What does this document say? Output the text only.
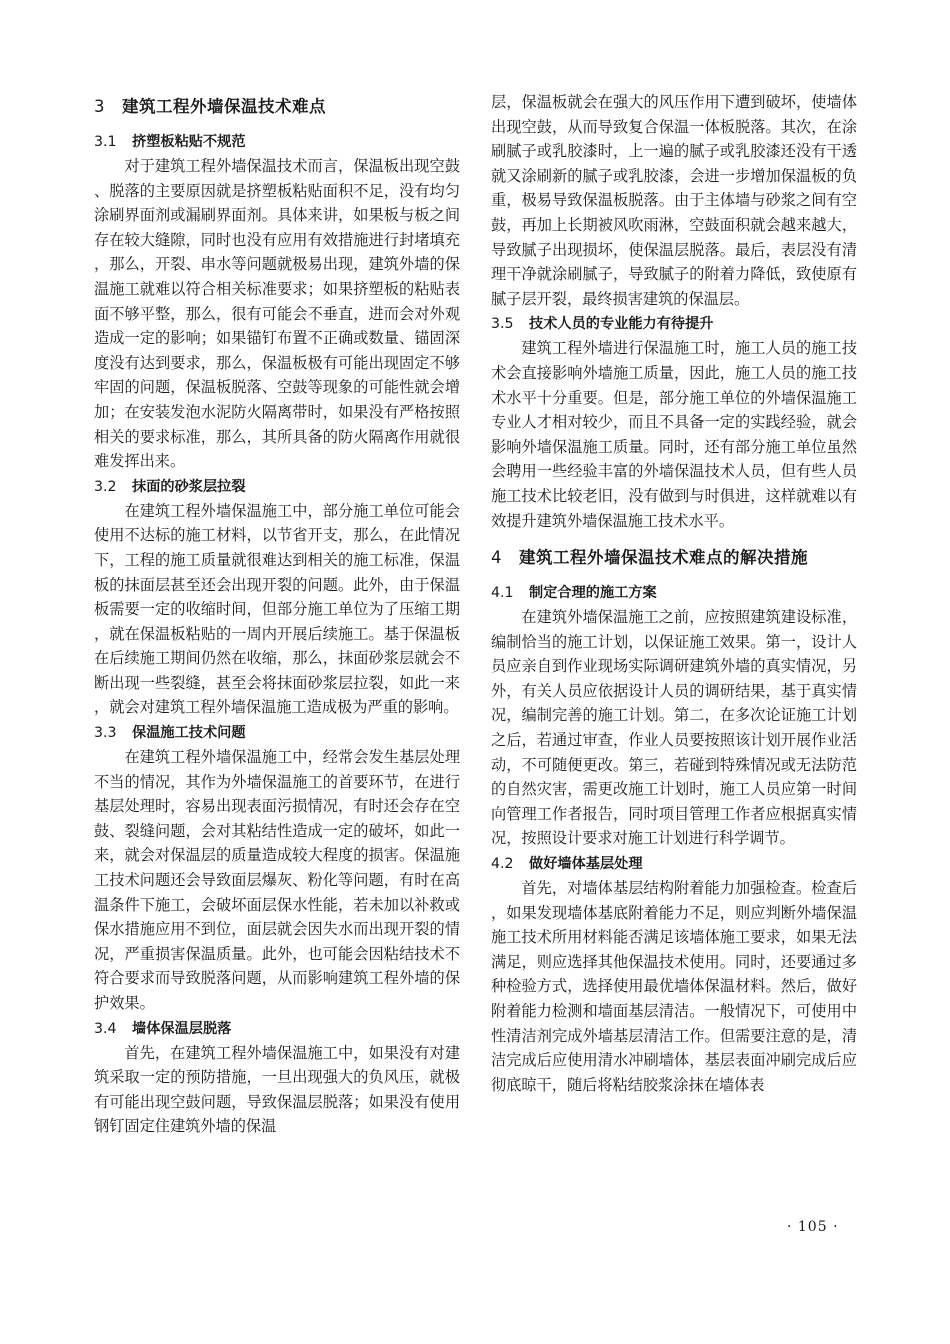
3 建筑工程外墙保温技术难点
3.1 挤塑板粘贴不规范

对于建筑工程外墙保温技术而言，保温板出现空鼓、脱落的主要原因就是挤塑板粘贴面积不足，没有均匀涂刷界面剂或漏刷界面剂。具体来讲，如果板与板之间存在较大缝隙，同时也没有应用有效措施进行封堵填充，那么，开裂、串水等问题就极易出现，建筑外墙的保温施工就难以符合相关标准要求；如果挤塑板的粘贴表面不够平整，那么，很有可能会不垂直，进而会对外观造成一定的影响；如果锚钉布置不正确或数量、锚固深度没有达到要求，那么，保温板极有可能出现固定不够牢固的问题，保温板脱落、空鼓等现象的可能性就会增加；在安装发泡水泥防火隔离带时，如果没有严格按照相关的要求标准，那么，其所具备的防火隔离作用就很难发挥出来。

3.2 抹面的砂浆层拉裂

在建筑工程外墙保温施工中，部分施工单位可能会使用不达标的施工材料，以节省开支，那么，在此情况下，工程的施工质量就很难达到相关的施工标准，保温板的抹面层甚至还会出现开裂的问题。此外，由于保温板需要一定的收缩时间，但部分施工单位为了压缩工期，就在保温板粘贴的一周内开展后续施工。基于保温板在后续施工期间仍然在收缩，那么，抹面砂浆层就会不断出现一些裂缝，甚至会将抹面砂浆层拉裂，如此一来，就会对建筑工程外墙保温施工造成极为严重的影响。

3.3 保温施工技术问题

在建筑工程外墙保温施工中，经常会发生基层处理不当的情况，其作为外墙保温施工的首要环节，在进行基层处理时，容易出现表面污损情况，有时还会存在空鼓、裂缝问题，会对其粘结性造成一定的破坏，如此一来，就会对保温层的质量造成较大程度的损害。保温施工技术问题还会导致面层爆灰、粉化等问题，有时在高温条件下施工，会破坏面层保水性能，若未加以补救或保水措施应用不到位，面层就会因失水而出现开裂的情况，严重损害保温质量。此外，也可能会因粘结技术不符合要求而导致脱落问题，从而影响建筑工程外墙的保护效果。

3.4 墙体保温层脱落

首先，在建筑工程外墙保温施工中，如果没有对建筑采取一定的预防措施，一旦出现强大的负风压，就极有可能出现空鼓问题，导致保温层脱落；如果没有使用钢钉固定住建筑外墙的保温

层，保温板就会在强大的风压作用下遭到破坏，使墙体出现空鼓，从而导致复合保温一体板脱落。其次，在涂刷腻子或乳胶漆时，上一遍的腻子或乳胶漆还没有干透就又涂刷新的腻子或乳胶漆，会进一步增加保温板的负重，极易导致保温板脱落。由于主体墙与砂浆之间有空鼓，再加上长期被风吹雨淋，空鼓面积就会越来越大，导致腻子出现损坏，使保温层脱落。最后，表层没有清理干净就涂刷腻子，导致腻子的附着力降低，致使原有腻子层开裂，最终损害建筑的保温层。

3.5 技术人员的专业能力有待提升

建筑工程外墙进行保温施工时，施工人员的施工技术会直接影响外墙施工质量，因此，施工人员的施工技术水平十分重要。但是，部分施工单位的外墙保温施工专业人才相对较少，而且不具备一定的实践经验，就会影响外墙保温施工质量。同时，还有部分施工单位虽然会聘用一些经验丰富的外墙保温技术人员，但有些人员施工技术比较老旧，没有做到与时俱进，这样就难以有效提升建筑外墙保温施工技术水平。

4 建筑工程外墙保温技术难点的解决措施
4.1 制定合理的施工方案

在建筑外墙保温施工之前，应按照建筑建设标准，编制恰当的施工计划，以保证施工效果。第一，设计人员应亲自到作业现场实际调研建筑外墙的真实情况，另外，有关人员应依据设计人员的调研结果，基于真实情况，编制完善的施工计划。第二，在多次论证施工计划之后，若通过审查，作业人员要按照该计划开展作业活动，不可随便更改。第三，若碰到特殊情况或无法防范的自然灾害，需更改施工计划时，施工人员应第一时间向管理工作者报告，同时项目管理工作者应根据真实情况，按照设计要求对施工计划进行科学调节。

4.2 做好墙体基层处理

首先，对墙体基层结构附着能力加强检查。检查后，如果发现墙体基底附着能力不足，则应判断外墙保温施工技术所用材料能否满足该墙体施工要求，如果无法满足，则应选择其他保温技术使用。同时，还要通过多种检验方式，选择使用最优墙体保温材料。然后，做好附着能力检测和墙面基层清洁。一般情况下，可使用中性清洁剂完成外墙基层清洁工作。但需要注意的是，清洁完成后应使用清水冲刷墙体，基层表面冲刷完成后应彻底晾干，随后将粘结胶浆涂抹在墙体表

· 105 ·
